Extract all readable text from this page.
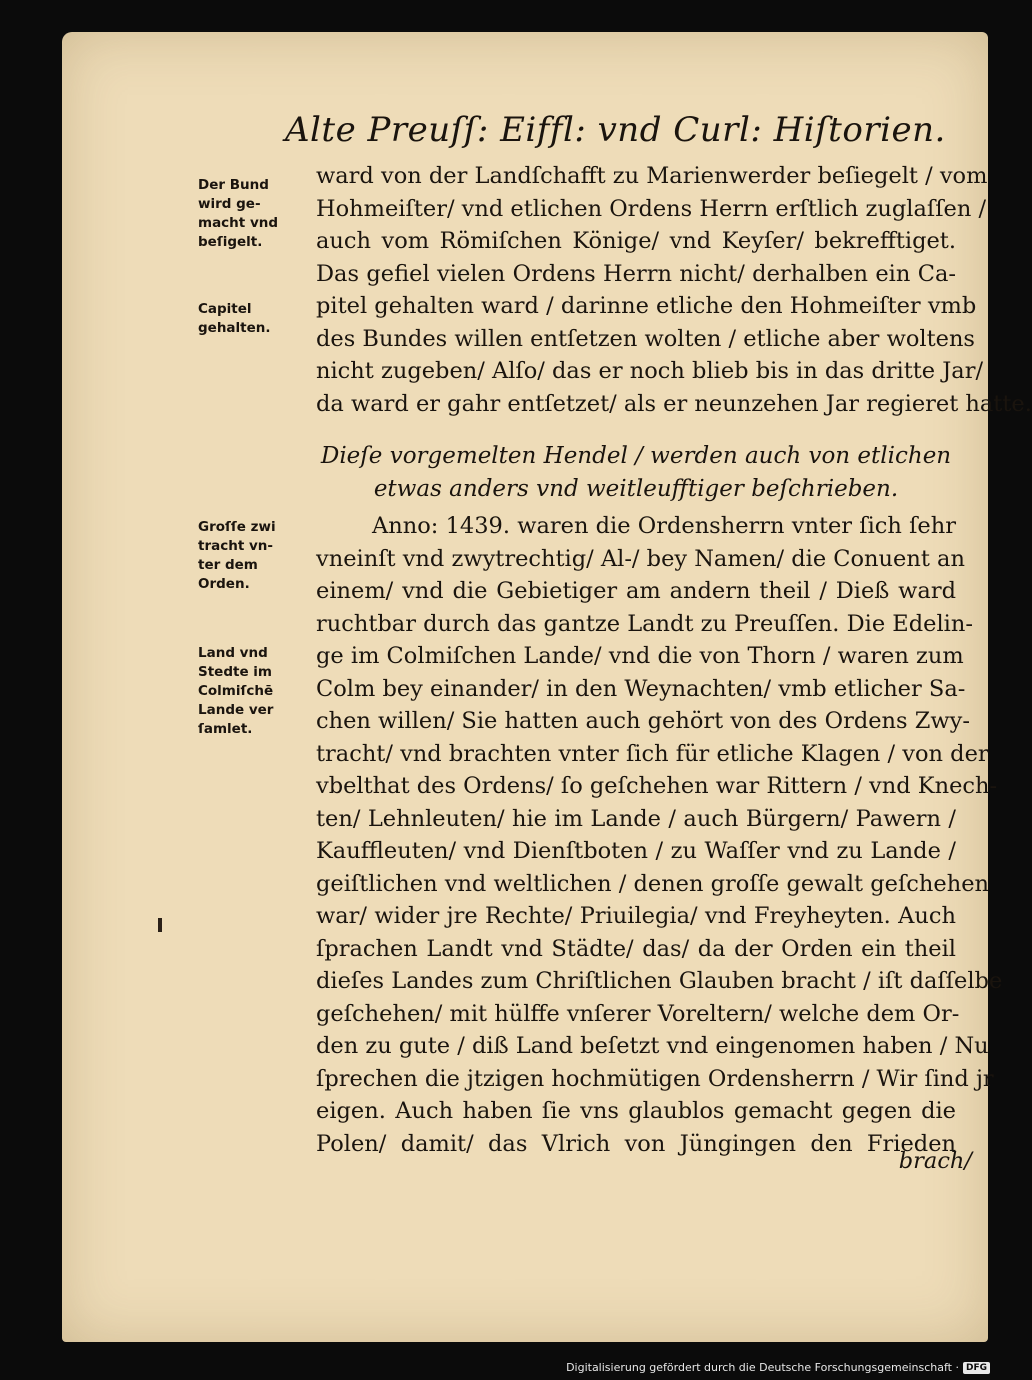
Alte Preuſſ: Eiffl: vnd Curl: Hiſtorien.
Der Bund
wird ge-
macht vnd
beſigelt.
Capitel
gehalten.
Groſſe zwi
tracht vn-
ter dem
Orden.
Land vnd
Stedte im
Colmiſchē
Lande ver
ſamlet.
ward von der Landſchafft zu Marienwerder beſiegelt / vom
Hohmeiſter/ vnd etlichen Ordens Herrn erſtlich zuglaſſen /
auch vom Römiſchen Könige/ vnd Keyſer/ bekrefftiget.
Das gefiel vielen Ordens Herrn nicht/ derhalben ein Ca-
pitel gehalten ward / darinne etliche den Hohmeiſter vmb
des Bundes willen entſetzen wolten / etliche aber woltens
nicht zugeben/ Alſo/ das er noch blieb bis in das dritte Jar/
da ward er gahr entſetzet/ als er neunzehen Jar regieret hatte.
Dieſe vorgemelten Hendel / werden auch von etlichen
etwas anders vnd weitleufftiger beſchrieben.
Anno: 1439. waren die Ordensherrn vnter ſich ſehr
vneinſt vnd zwytrechtig/ Al-/ bey Namen/ die Conuent an
einem/ vnd die Gebietiger am andern theil / Dieß ward
ruchtbar durch das gantze Landt zu Preuſſen. Die Edelin-
ge im Colmiſchen Lande/ vnd die von Thorn / waren zum
Colm bey einander/ in den Weynachten/ vmb etlicher Sa-
chen willen/ Sie hatten auch gehört von des Ordens Zwy-
tracht/ vnd brachten vnter ſich für etliche Klagen / von der
vbelthat des Ordens/ ſo geſchehen war Rittern / vnd Knech-
ten/ Lehnleuten/ hie im Lande / auch Bürgern/ Pawern /
Kauffleuten/ vnd Dienſtboten / zu Waſſer vnd zu Lande /
geiſtlichen vnd weltlichen / denen groſſe gewalt geſchehen
war/ wider jre Rechte/ Priuilegia/ vnd Freyheyten. Auch
ſprachen Landt vnd Städte/ das/ da der Orden ein theil
dieſes Landes zum Chriſtlichen Glauben bracht / iſt daſſelbe
geſchehen/ mit hülffe vnſerer Voreltern/ welche dem Or-
den zu gute / diß Land beſetzt vnd eingenomen haben / Nu
ſprechen die jtzigen hochmütigen Ordensherrn / Wir ſind jr
eigen. Auch haben ſie vns glaublos gemacht gegen die
Polen/ damit/ das Vlrich von Jüngingen den Frieden
brach/
Digitalisierung gefördert durch die Deutsche Forschungsgemeinschaft · DFG
